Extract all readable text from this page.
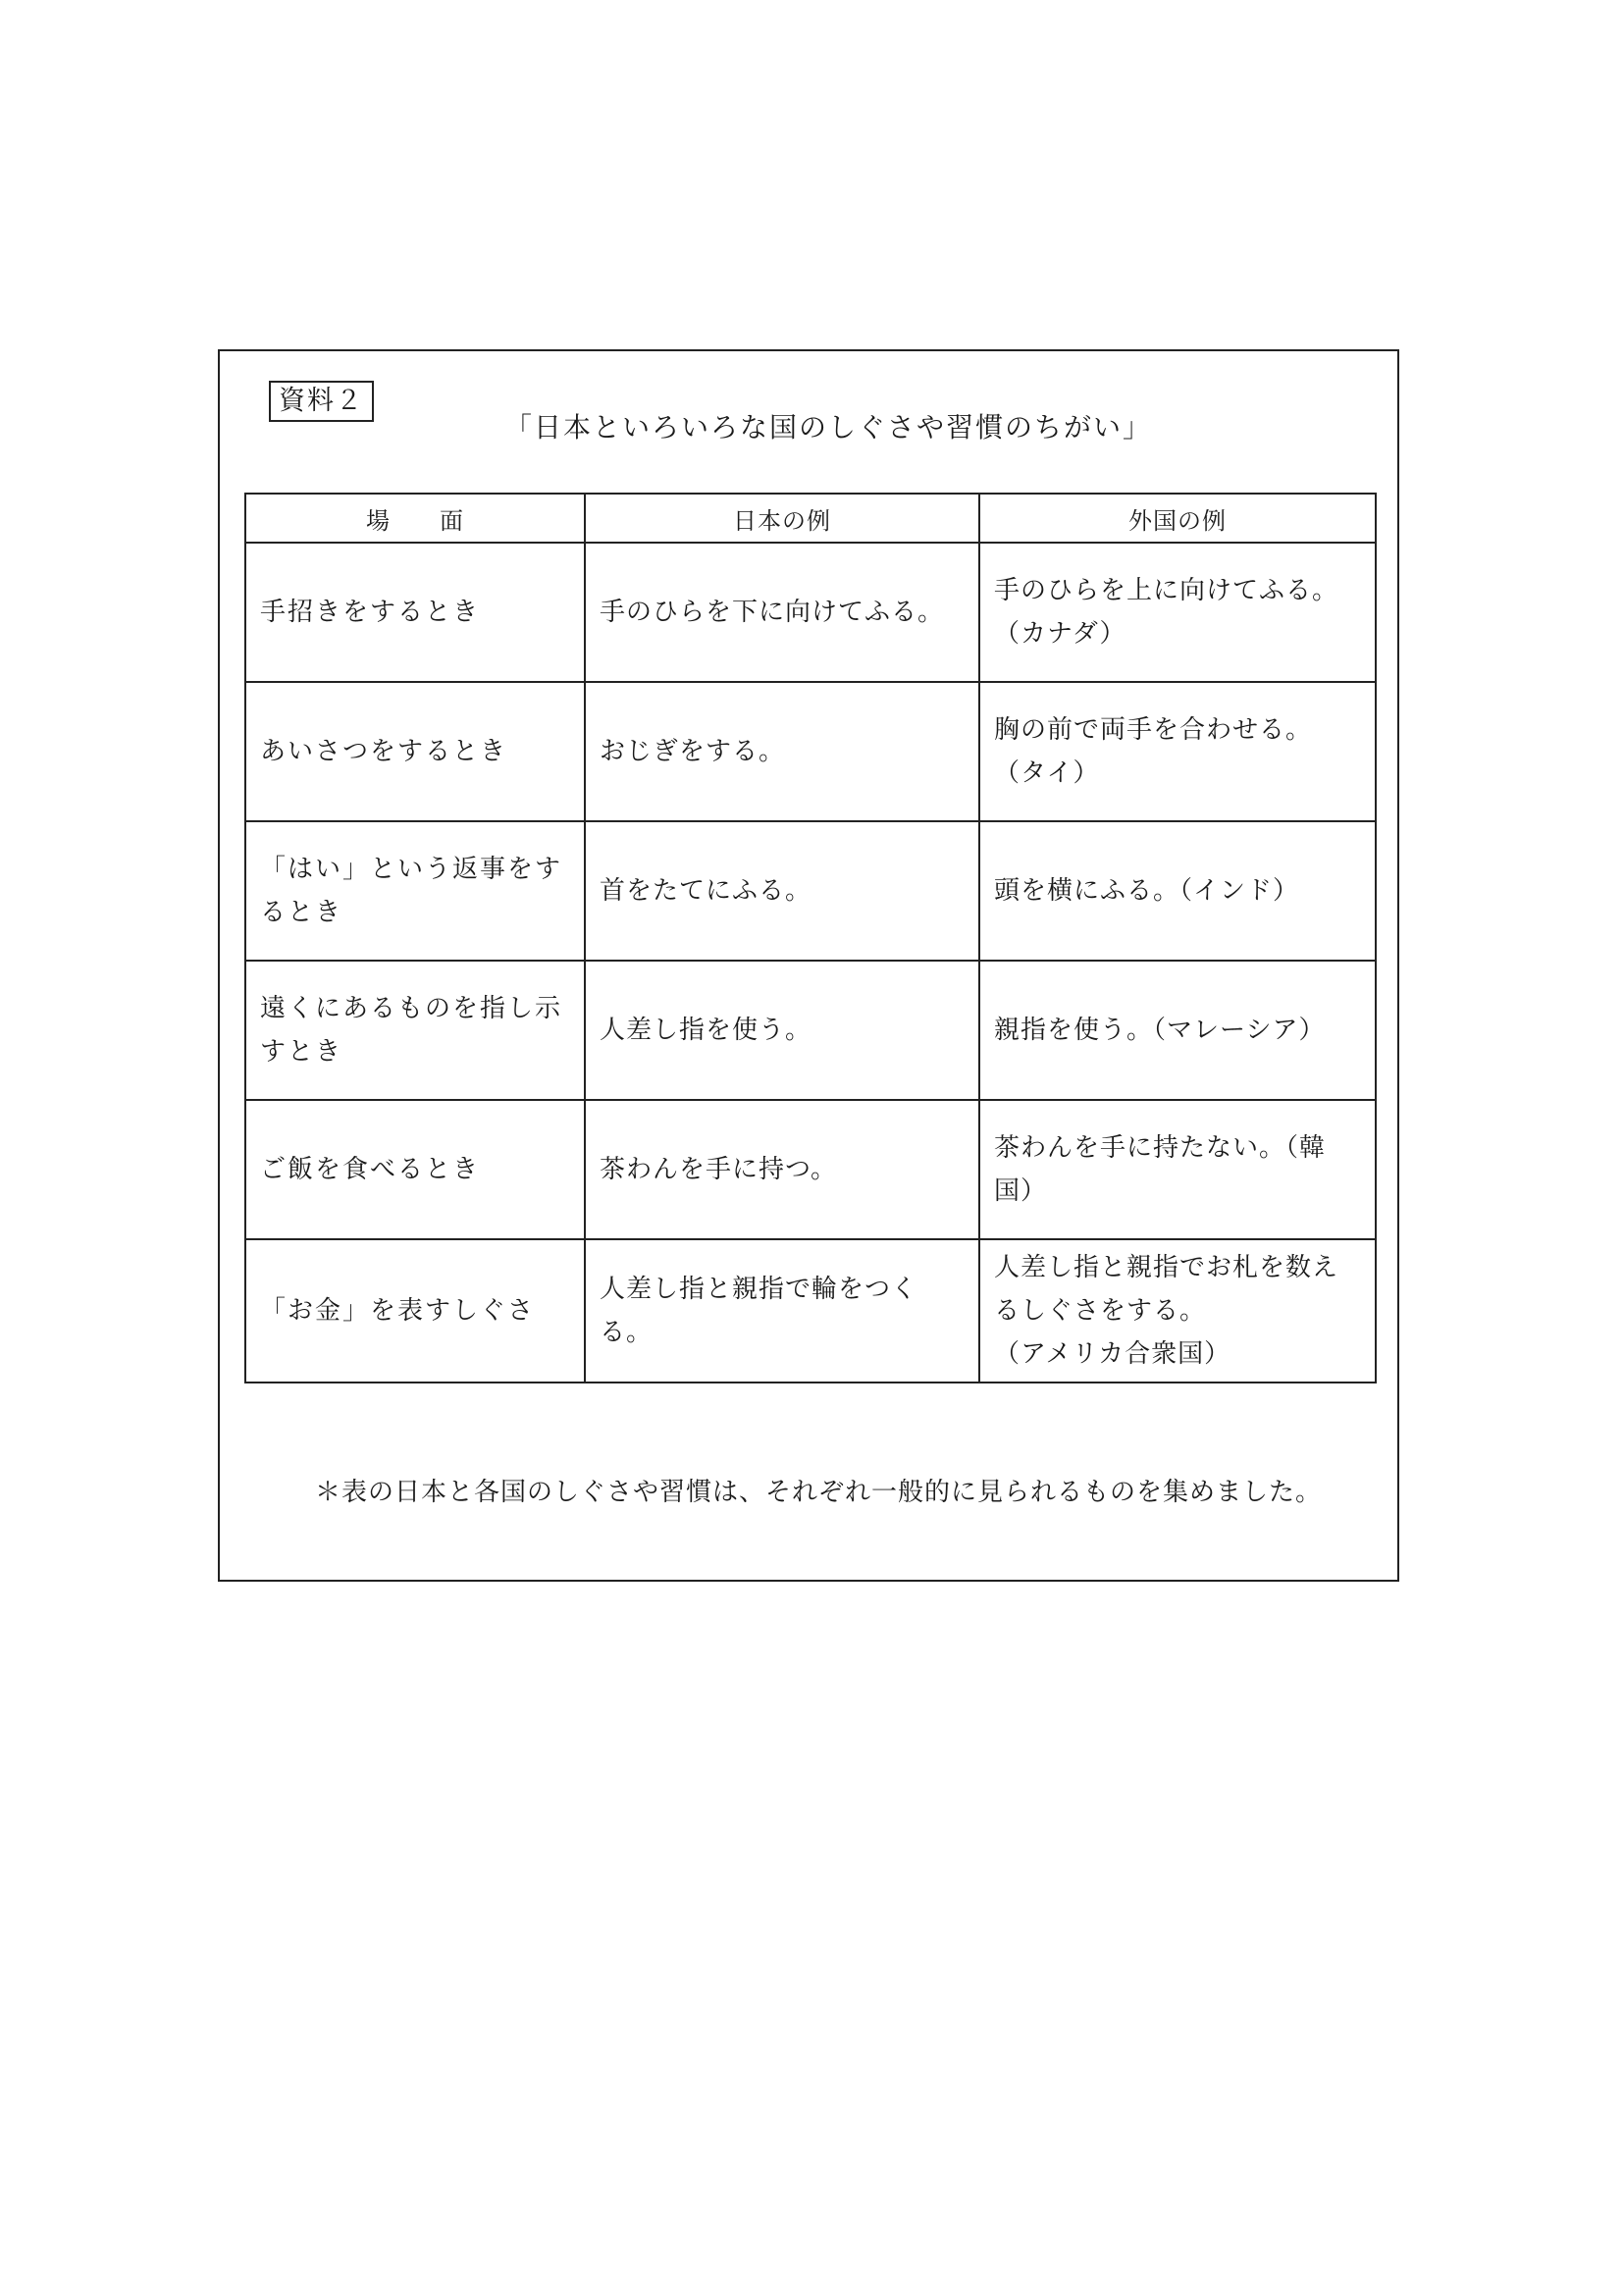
資料２
「日本といろいろな国のしぐさや習慣のちがい」
場　　面	日本の例	外国の例
手招きをするとき	手のひらを下に向けてふる。	手のひらを上に向けてふる。
（カナダ）

あいさつをするとき	おじぎをする。	胸の前で両手を合わせる。
（タイ）

「はい」という返事をするとき	首をたてにふる。	頭を横にふる。（インド）

遠くにあるものを指し示すとき	人差し指を使う。	親指を使う。（マレーシア）

ご飯を食べるとき	茶わんを手に持つ。	茶わんを手に持たない。（韓国）

「お金」を表すしぐさ	人差し指と親指で輪をつくる。	人差し指と親指でお札を数えるしぐさをする。
（アメリカ合衆国）
＊表の日本と各国のしぐさや習慣は、それぞれ一般的に見られるものを集めました。
